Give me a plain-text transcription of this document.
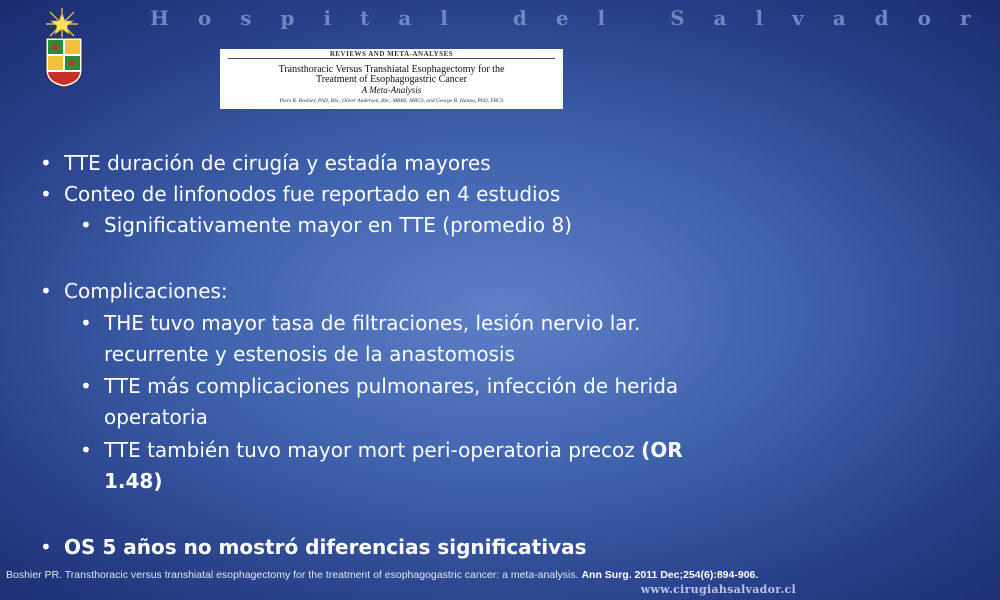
Hospital del Salvador
REVIEWS AND META-ANALYSES
Transthoracic Versus Transhiatal Esophagectomy for the
Treatment of Esophagogastric Cancer
A Meta-Analysis
Piers R. Boshier, PhD, BSc, Oliver Anderson, BSc, MBBS, MRCS, and George B. Hanna, PhD, FRCS
• TTE duración de cirugía y estadía mayores
• Conteo de linfonodos fue reportado en 4 estudios
• Significativamente mayor en TTE (promedio 8)
• Complicaciones:
• THE tuvo mayor tasa de filtraciones, lesión nervio lar.
recurrente y estenosis de la anastomosis
• TTE más complicaciones pulmonares, infección de herida
operatoria
• TTE también tuvo mayor mort peri-operatoria precoz (OR
1.48)
• OS 5 años no mostró diferencias significativas
Boshier PR. Transthoracic versus transhiatal esophagectomy for the treatment of esophagogastric cancer: a meta-analysis. Ann Surg. 2011 Dec;254(6):894-906.
www.cirugiahsalvador.cl
